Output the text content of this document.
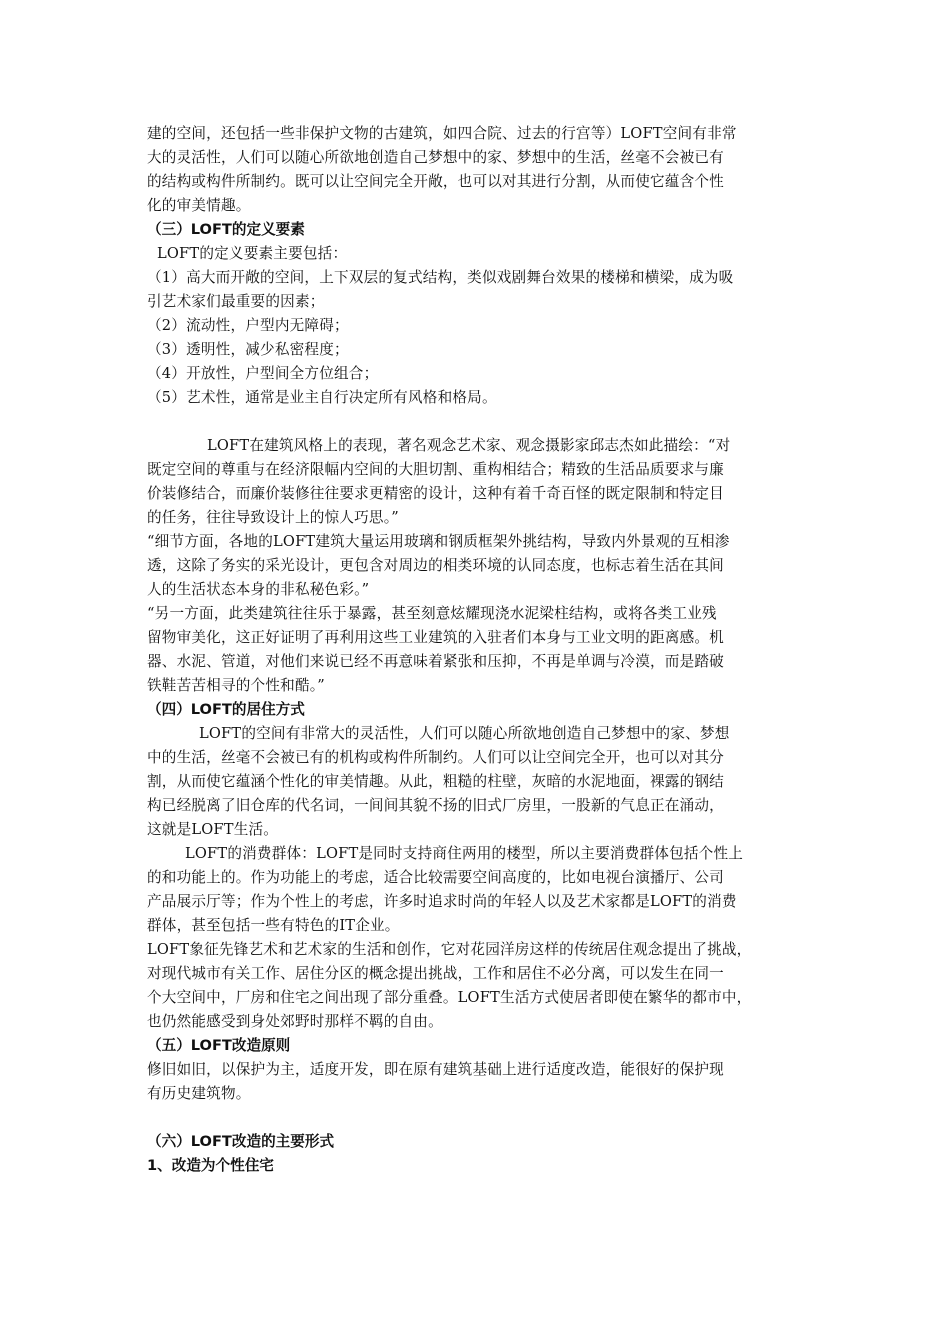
建的空间，还包括一些非保护文物的古建筑，如四合院、过去的行宫等）LOFT空间有非常
大的灵活性，人们可以随心所欲地创造自己梦想中的家、梦想中的生活，丝毫不会被已有
的结构或构件所制约。既可以让空间完全开敞，也可以对其进行分割，从而使它蕴含个性
化的审美情趣。
（三）LOFT的定义要素
LOFT的定义要素主要包括：
（1）高大而开敞的空间，上下双层的复式结构，类似戏剧舞台效果的楼梯和横梁，成为吸
引艺术家们最重要的因素；
（2）流动性，户型内无障碍；
（3）透明性，减少私密程度；
（4）开放性，户型间全方位组合；
（5）艺术性，通常是业主自行决定所有风格和格局。
LOFT在建筑风格上的表现，著名观念艺术家、观念摄影家邱志杰如此描绘：“对
既定空间的尊重与在经济限幅内空间的大胆切割、重构相结合；精致的生活品质要求与廉
价装修结合，而廉价装修往往要求更精密的设计，这种有着千奇百怪的既定限制和特定目
的任务，往往导致设计上的惊人巧思。”
“细节方面，各地的LOFT建筑大量运用玻璃和钢质框架外挑结构，导致内外景观的互相渗
透，这除了务实的采光设计，更包含对周边的相类环境的认同态度，也标志着生活在其间
人的生活状态本身的非私秘色彩。”
“另一方面，此类建筑往往乐于暴露，甚至刻意炫耀现浇水泥梁柱结构，或将各类工业残
留物审美化，这正好证明了再利用这些工业建筑的入驻者们本身与工业文明的距离感。机
器、水泥、管道，对他们来说已经不再意味着紧张和压抑，不再是单调与冷漠，而是踏破
铁鞋苦苦相寻的个性和酷。”
（四）LOFT的居住方式
LOFT的空间有非常大的灵活性，人们可以随心所欲地创造自己梦想中的家、梦想
中的生活，丝毫不会被已有的机构或构件所制约。人们可以让空间完全开，也可以对其分
割，从而使它蕴涵个性化的审美情趣。从此，粗糙的柱壁，灰暗的水泥地面，裸露的钢结
构已经脱离了旧仓库的代名词，一间间其貌不扬的旧式厂房里，一股新的气息正在涌动，
这就是LOFT生活。
LOFT的消费群体：LOFT是同时支持商住两用的楼型，所以主要消费群体包括个性上
的和功能上的。作为功能上的考虑，适合比较需要空间高度的，比如电视台演播厅、公司
产品展示厅等；作为个性上的考虑，许多时追求时尚的年轻人以及艺术家都是LOFT的消费
群体，甚至包括一些有特色的IT企业。
LOFT象征先锋艺术和艺术家的生活和创作，它对花园洋房这样的传统居住观念提出了挑战，
对现代城市有关工作、居住分区的概念提出挑战，工作和居住不必分离，可以发生在同一
个大空间中，厂房和住宅之间出现了部分重叠。LOFT生活方式使居者即使在繁华的都市中，
也仍然能感受到身处郊野时那样不羁的自由。
（五）LOFT改造原则
修旧如旧，以保护为主，适度开发，即在原有建筑基础上进行适度改造，能很好的保护现
有历史建筑物。
（六）LOFT改造的主要形式
1、改造为个性住宅
